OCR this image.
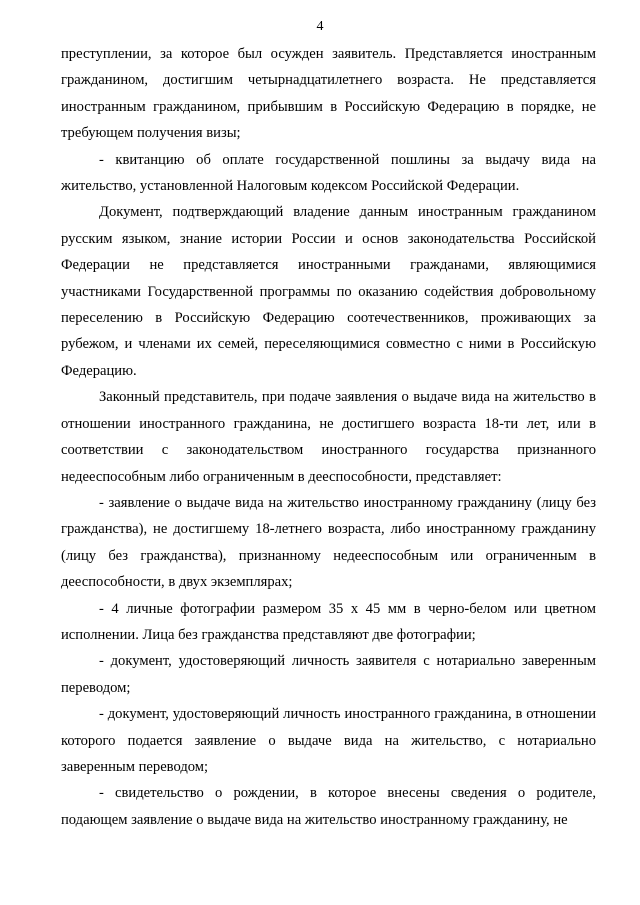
4

преступлении, за которое был осужден заявитель. Представляется иностранным гражданином, достигшим четырнадцатилетнего возраста. Не представляется иностранным гражданином, прибывшим в Российскую Федерацию в порядке, не требующем получения визы;

- квитанцию об оплате государственной пошлины за выдачу вида на жительство, установленной Налоговым кодексом Российской Федерации.

Документ, подтверждающий владение данным иностранным гражданином русским языком, знание истории России и основ законодательства Российской Федерации не представляется иностранными гражданами, являющимися участниками Государственной программы по оказанию содействия добровольному переселению в Российскую Федерацию соотечественников, проживающих за рубежом, и членами их семей, переселяющимися совместно с ними в Российскую Федерацию.

Законный представитель, при подаче заявления о выдаче вида на жительство в отношении иностранного гражданина, не достигшего возраста 18-ти лет, или в соответствии с законодательством иностранного государства признанного недееспособным либо ограниченным в дееспособности, представляет:

- заявление о выдаче вида на жительство иностранному гражданину (лицу без гражданства), не достигшему 18-летнего возраста, либо иностранному гражданину (лицу без гражданства), признанному недееспособным или ограниченным в дееспособности, в двух экземплярах;

- 4 личные фотографии размером 35 х 45 мм в черно-белом или цветном исполнении. Лица без гражданства представляют две фотографии;

- документ, удостоверяющий личность заявителя с нотариально заверенным переводом;

- документ, удостоверяющий личность иностранного гражданина, в отношении которого подается заявление о выдаче вида на жительство, с нотариально заверенным переводом;

- свидетельство о рождении, в которое внесены сведения о родителе, подающем заявление о выдаче вида на жительство иностранному гражданину, не
